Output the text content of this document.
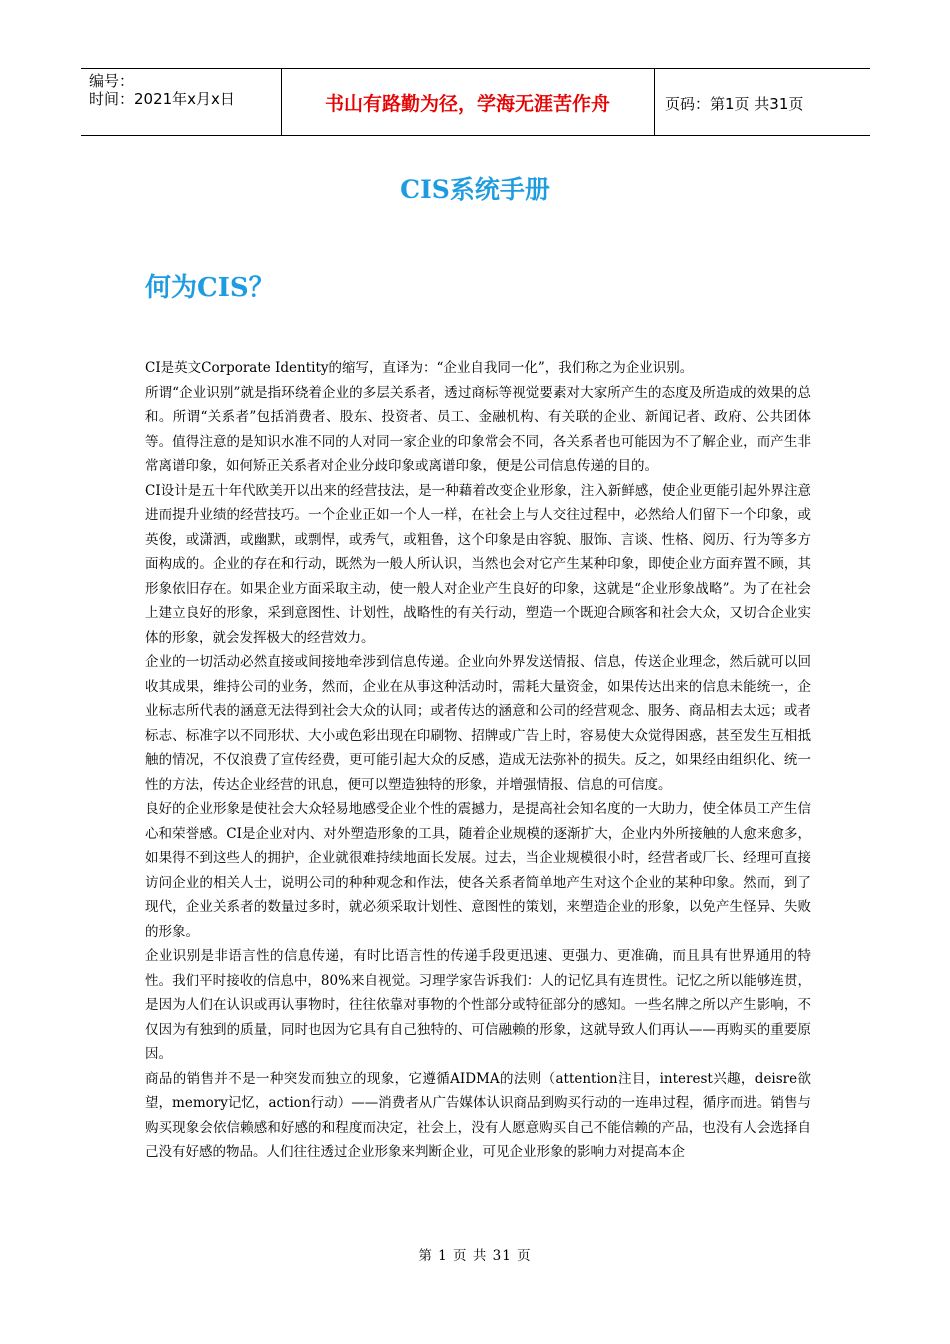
编号：
时间：2021年x月x日	书山有路勤为径，学海无涯苦作舟	页码：第1页 共31页
CIS系统手册
何为CIS？

CI是英文Corporate Identity的缩写，直译为：“企业自我同一化”，我们称之为企业识别。

所谓“企业识别”就是指环绕着企业的多层关系者，透过商标等视觉要素对大家所产生的态度及所造成的效果的总和。所谓“关系者”包括消费者、股东、投资者、员工、金融机构、有关联的企业、新闻记者、政府、公共团体等。值得注意的是知识水准不同的人对同一家企业的印象常会不同，各关系者也可能因为不了解企业，而产生非常离谱印象，如何矫正关系者对企业分歧印象或离谱印象，便是公司信息传递的目的。

CI设计是五十年代欧美开以出来的经营技法，是一种藉着改变企业形象，注入新鲜感，使企业更能引起外界注意进而提升业绩的经营技巧。一个企业正如一个人一样，在社会上与人交往过程中，必然给人们留下一个印象，或英俊，或潇洒，或幽默，或剽悍，或秀气，或粗鲁，这个印象是由容貌、服饰、言谈、性格、阅历、行为等多方面构成的。企业的存在和行动，既然为一般人所认识，当然也会对它产生某种印象，即使企业方面弃置不顾，其形象依旧存在。如果企业方面采取主动，使一般人对企业产生良好的印象，这就是“企业形象战略”。为了在社会上建立良好的形象，采到意图性、计划性，战略性的有关行动，塑造一个既迎合顾客和社会大众，又切合企业实体的形象，就会发挥极大的经营效力。

企业的一切活动必然直接或间接地牵涉到信息传递。企业向外界发送情报、信息，传送企业理念，然后就可以回收其成果，维持公司的业务，然而，企业在从事这种活动时，需耗大量资金，如果传达出来的信息未能统一，企业标志所代表的涵意无法得到社会大众的认同；或者传达的涵意和公司的经营观念、服务、商品相去太远；或者标志、标准字以不同形状、大小或色彩出现在印刷物、招牌或广告上时，容易使大众觉得困惑，甚至发生互相抵触的情况，不仅浪费了宣传经费，更可能引起大众的反感，造成无法弥补的损失。反之，如果经由组织化、统一性的方法，传达企业经营的讯息，便可以塑造独特的形象，并增强情报、信息的可信度。

良好的企业形象是使社会大众轻易地感受企业个性的震撼力，是提高社会知名度的一大助力，使全体员工产生信心和荣誉感。CI是企业对内、对外塑造形象的工具，随着企业规模的逐渐扩大，企业内外所接触的人愈来愈多，如果得不到这些人的拥护，企业就很难持续地面长发展。过去，当企业规模很小时，经营者或厂长、经理可直接访问企业的相关人士，说明公司的种种观念和作法，使各关系者简单地产生对这个企业的某种印象。然而，到了现代，企业关系者的数量过多时，就必须采取计划性、意图性的策划，来塑造企业的形象，以免产生怪异、失败的形象。

企业识别是非语言性的信息传递，有时比语言性的传递手段更迅速、更强力、更准确，而且具有世界通用的特性。我们平时接收的信息中，80%来自视觉。习理学家告诉我们：人的记忆具有连贯性。记忆之所以能够连贯，是因为人们在认识或再认事物时，往往依靠对事物的个性部分或特征部分的感知。一些名牌之所以产生影响，不仅因为有独到的质量，同时也因为它具有自己独特的、可信融赖的形象，这就导致人们再认——再购买的重要原因。

商品的销售并不是一种突发而独立的现象，它遵循AIDMA的法则（attention注目，interest兴趣，deisre欲望，memory记忆，action行动）——消费者从广告媒体认识商品到购买行动的一连串过程，循序而进。销售与购买现象会依信赖感和好感的和程度而决定，社会上，没有人愿意购买自己不能信赖的产品，也没有人会选择自己没有好感的物品。人们往往透过企业形象来判断企业，可见企业形象的影响力对提高本企

第 1 页 共 31 页
